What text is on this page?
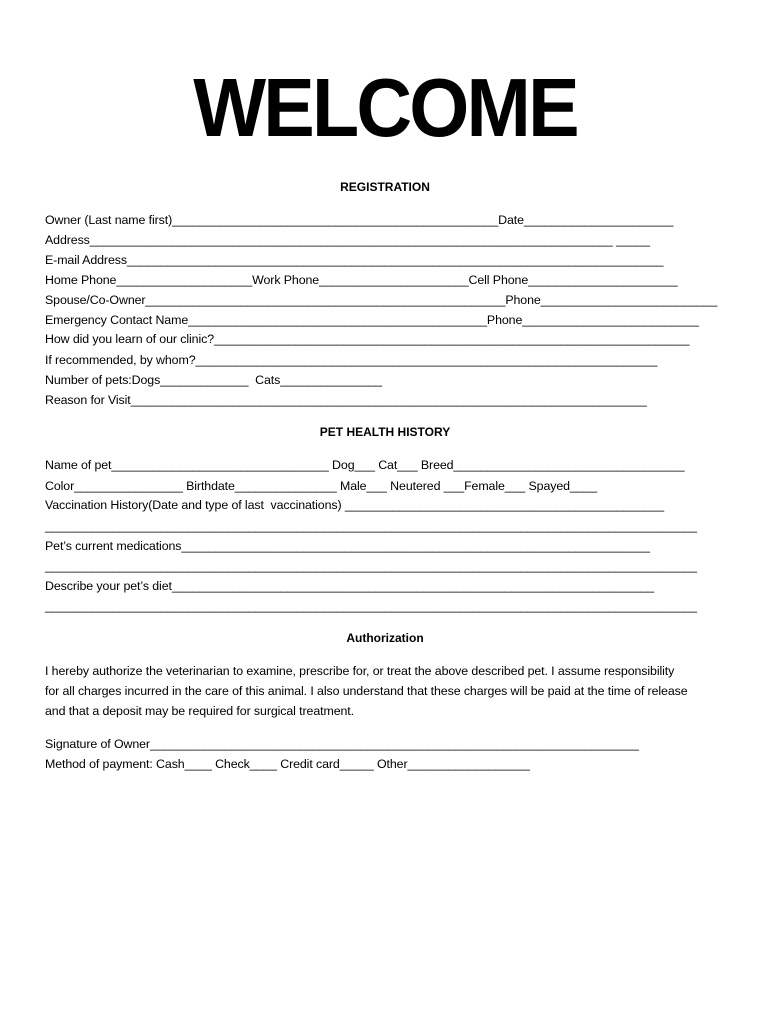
WELCOME
REGISTRATION
Owner (Last name first)________________________________________________Date______________________
Address_____________________________________________________________________________ _____
E-mail Address_______________________________________________________________________________
Home Phone____________________Work Phone______________________Cell Phone______________________
Spouse/Co-Owner_____________________________________________________Phone__________________________
Emergency Contact Name____________________________________________Phone__________________________
How did you learn of our clinic?______________________________________________________________________
If recommended, by whom?____________________________________________________________________
Number of pets:Dogs_____________  Cats_______________
Reason for Visit____________________________________________________________________________
PET HEALTH HISTORY
Name of pet________________________________ Dog___ Cat___ Breed__________________________________
Color________________ Birthdate_______________ Male___ Neutered ___Female___ Spayed____
Vaccination History(Date and type of last  vaccinations) _______________________________________________
________________________________________________________________________________________________
Pet’s current medications_____________________________________________________________________
________________________________________________________________________________________________
Describe your pet’s diet_______________________________________________________________________
________________________________________________________________________________________________
Authorization
I hereby authorize the veterinarian to examine, prescribe for, or treat the above described pet. I assume responsibility
for all charges incurred in the care of this animal. I also understand that these charges will be paid at the time of release
and that a deposit may be required for surgical treatment.
Signature of Owner________________________________________________________________________
Method of payment: Cash____ Check____ Credit card_____ Other__________________
